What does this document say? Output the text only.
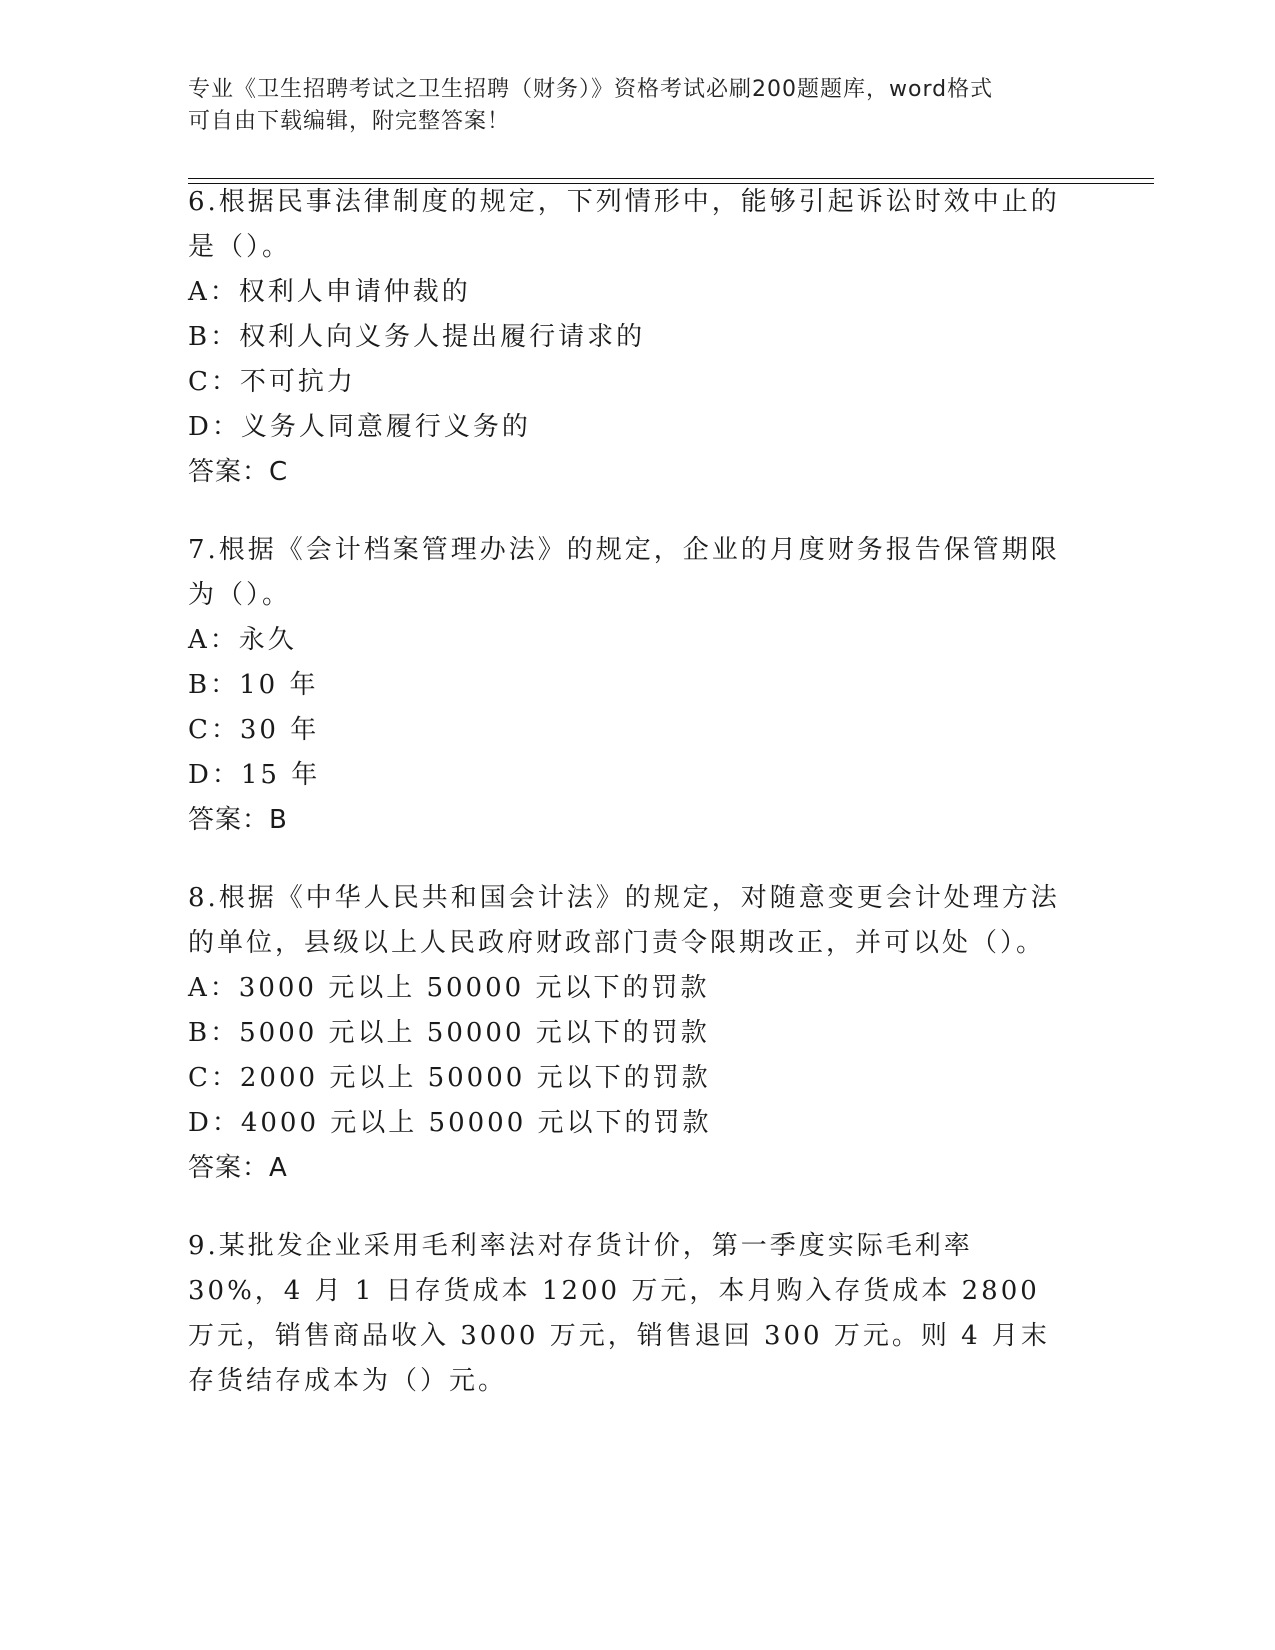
专业《卫生招聘考试之卫生招聘（财务）》资格考试必刷200题题库，word格式
可自由下载编辑，附完整答案！

6.根据民事法律制度的规定，下列情形中，能够引起诉讼时效中止的是（）。

A：权利人申请仲裁的

B：权利人向义务人提出履行请求的

C：不可抗力

D：义务人同意履行义务的

答案：C

7.根据《会计档案管理办法》的规定，企业的月度财务报告保管期限为（）。

A：永久

B：10 年

C：30 年

D：15 年

答案：B

8.根据《中华人民共和国会计法》的规定，对随意变更会计处理方法的单位，县级以上人民政府财政部门责令限期改正，并可以处（）。

A：3000 元以上 50000 元以下的罚款

B：5000 元以上 50000 元以下的罚款

C：2000 元以上 50000 元以下的罚款

D：4000 元以上 50000 元以下的罚款

答案：A

9.某批发企业采用毛利率法对存货计价，第一季度实际毛利率 30%，4 月 1 日存货成本 1200 万元，本月购入存货成本 2800 万元，销售商品收入 3000 万元，销售退回 300 万元。则 4 月末存货结存成本为（）元。
